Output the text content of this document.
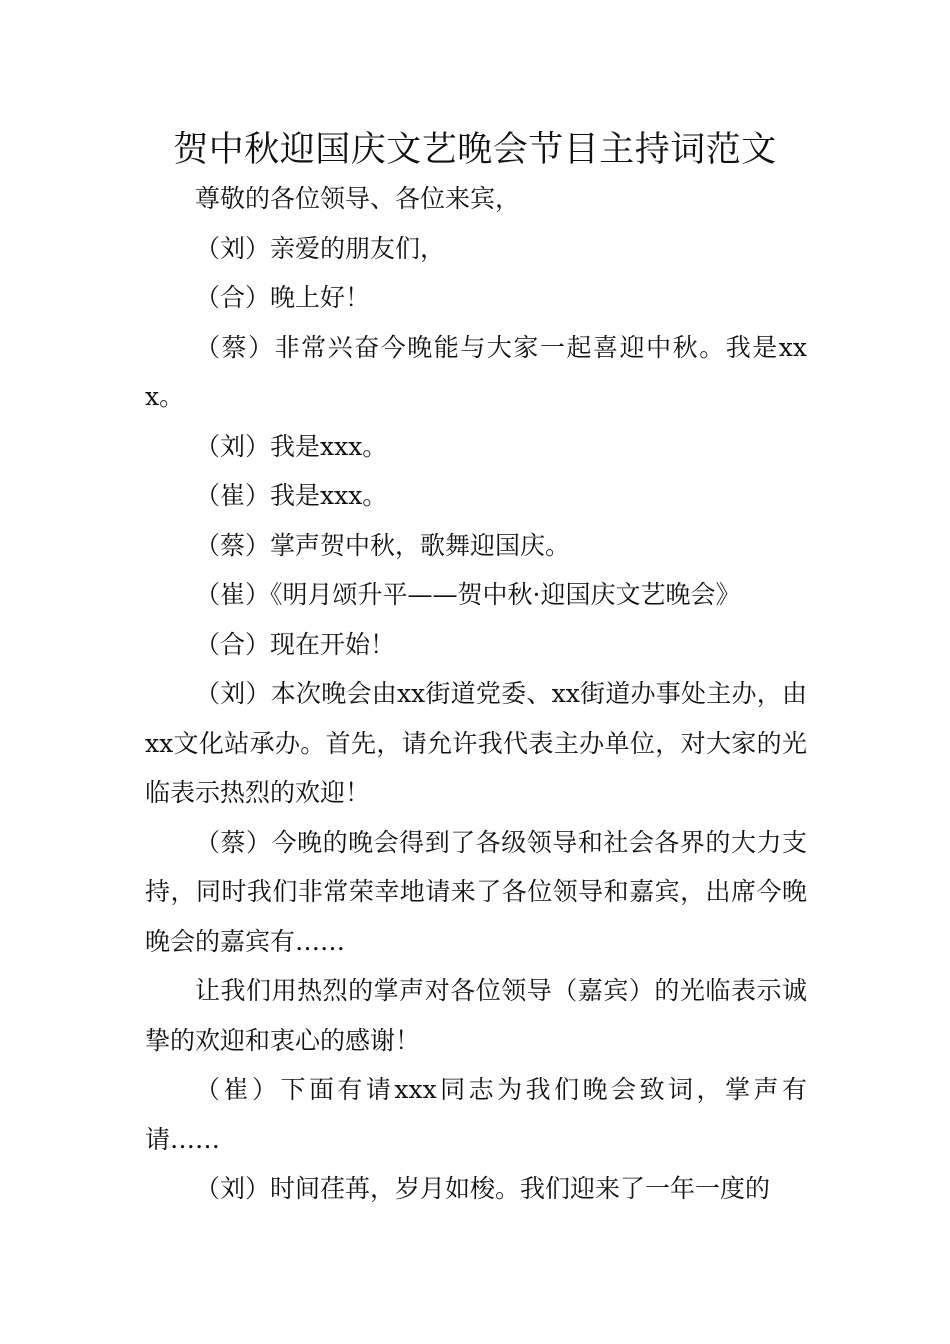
贺中秋迎国庆文艺晚会节目主持词范文

尊敬的各位领导、各位来宾，

（刘）亲爱的朋友们，

（合）晚上好！

（蔡）非常兴奋今晚能与大家一起喜迎中秋。我是xxx。

（刘）我是xxx。

（崔）我是xxx。

（蔡）掌声贺中秋，歌舞迎国庆。

（崔）《明月颂升平——贺中秋·迎国庆文艺晚会》

（合）现在开始！

（刘）本次晚会由xx街道党委、xx街道办事处主办，由xx文化站承办。首先，请允许我代表主办单位，对大家的光临表示热烈的欢迎！

（蔡）今晚的晚会得到了各级领导和社会各界的大力支持，同时我们非常荣幸地请来了各位领导和嘉宾，出席今晚晚会的嘉宾有……

让我们用热烈的掌声对各位领导（嘉宾）的光临表示诚挚的欢迎和衷心的感谢！

（崔）下面有请xxx同志为我们晚会致词，掌声有请……

（刘）时间荏苒，岁月如梭。我们迎来了一年一度的
